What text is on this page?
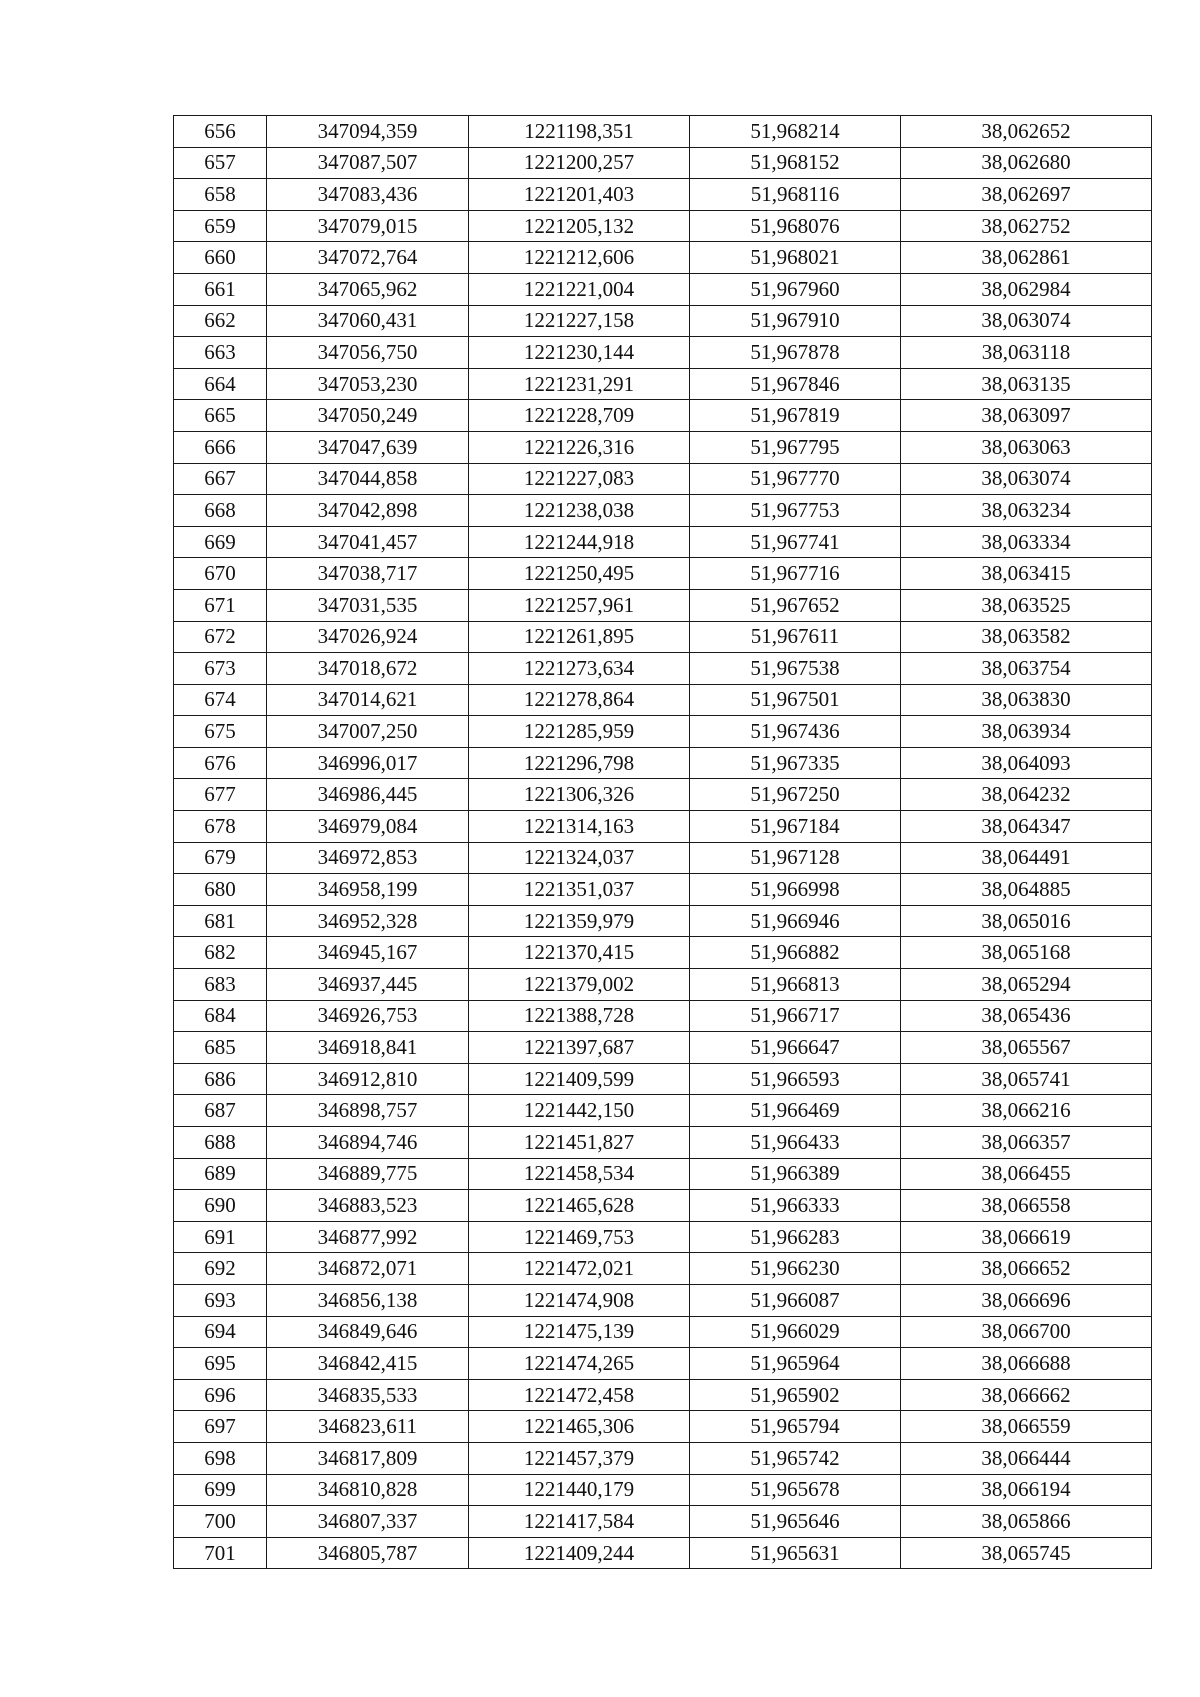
656	347094,359	1221198,351	51,968214	38,062652
657	347087,507	1221200,257	51,968152	38,062680
658	347083,436	1221201,403	51,968116	38,062697
659	347079,015	1221205,132	51,968076	38,062752
660	347072,764	1221212,606	51,968021	38,062861
661	347065,962	1221221,004	51,967960	38,062984
662	347060,431	1221227,158	51,967910	38,063074
663	347056,750	1221230,144	51,967878	38,063118
664	347053,230	1221231,291	51,967846	38,063135
665	347050,249	1221228,709	51,967819	38,063097
666	347047,639	1221226,316	51,967795	38,063063
667	347044,858	1221227,083	51,967770	38,063074
668	347042,898	1221238,038	51,967753	38,063234
669	347041,457	1221244,918	51,967741	38,063334
670	347038,717	1221250,495	51,967716	38,063415
671	347031,535	1221257,961	51,967652	38,063525
672	347026,924	1221261,895	51,967611	38,063582
673	347018,672	1221273,634	51,967538	38,063754
674	347014,621	1221278,864	51,967501	38,063830
675	347007,250	1221285,959	51,967436	38,063934
676	346996,017	1221296,798	51,967335	38,064093
677	346986,445	1221306,326	51,967250	38,064232
678	346979,084	1221314,163	51,967184	38,064347
679	346972,853	1221324,037	51,967128	38,064491
680	346958,199	1221351,037	51,966998	38,064885
681	346952,328	1221359,979	51,966946	38,065016
682	346945,167	1221370,415	51,966882	38,065168
683	346937,445	1221379,002	51,966813	38,065294
684	346926,753	1221388,728	51,966717	38,065436
685	346918,841	1221397,687	51,966647	38,065567
686	346912,810	1221409,599	51,966593	38,065741
687	346898,757	1221442,150	51,966469	38,066216
688	346894,746	1221451,827	51,966433	38,066357
689	346889,775	1221458,534	51,966389	38,066455
690	346883,523	1221465,628	51,966333	38,066558
691	346877,992	1221469,753	51,966283	38,066619
692	346872,071	1221472,021	51,966230	38,066652
693	346856,138	1221474,908	51,966087	38,066696
694	346849,646	1221475,139	51,966029	38,066700
695	346842,415	1221474,265	51,965964	38,066688
696	346835,533	1221472,458	51,965902	38,066662
697	346823,611	1221465,306	51,965794	38,066559
698	346817,809	1221457,379	51,965742	38,066444
699	346810,828	1221440,179	51,965678	38,066194
700	346807,337	1221417,584	51,965646	38,065866
701	346805,787	1221409,244	51,965631	38,065745
